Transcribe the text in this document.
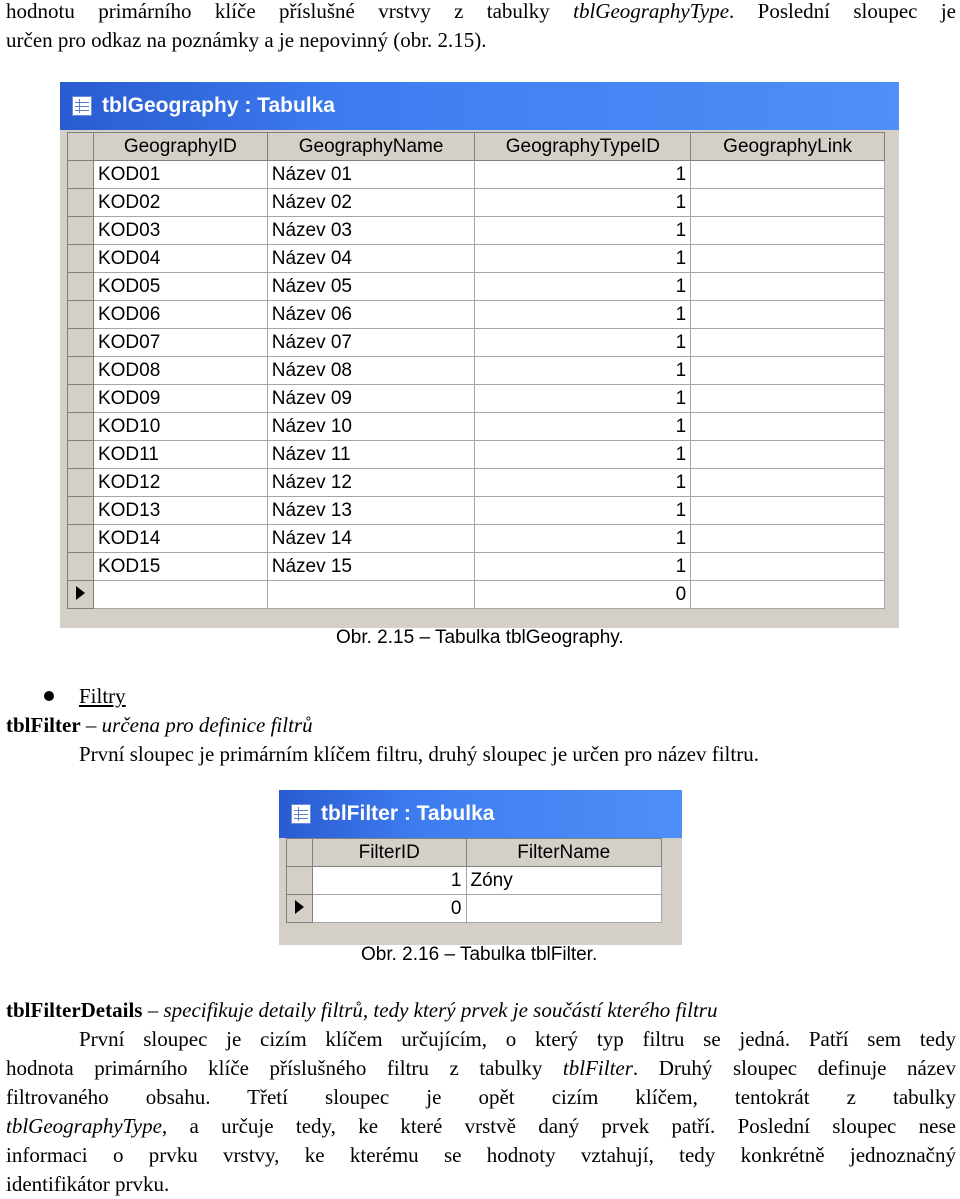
hodnotu primárního klíče příslušné vrstvy z tabulky tblGeographyType. Poslední sloupec je
určen pro odkaz na poznámky a je nepovinný (obr. 2.15).
tblGeography : Tabulka
	GeographyID	GeographyName	GeographyTypeID	GeographyLink
	KOD01	Název 01	1	
	KOD02	Název 02	1	
	KOD03	Název 03	1	
	KOD04	Název 04	1	
	KOD05	Název 05	1	
	KOD06	Název 06	1	
	KOD07	Název 07	1	
	KOD08	Název 08	1	
	KOD09	Název 09	1	
	KOD10	Název 10	1	
	KOD11	Název 11	1	
	KOD12	Název 12	1	
	KOD13	Název 13	1	
	KOD14	Název 14	1	
	KOD15	Název 15	1	
			0	
Obr. 2.15 – Tabulka tblGeography.
Filtry
tblFilter – určena pro definice filtrů
První sloupec je primárním klíčem filtru, druhý sloupec je určen pro název filtru.
tblFilter : Tabulka
	FilterID	FilterName
	1	Zóny
	0	
Obr. 2.16 – Tabulka tblFilter.
tblFilterDetails – specifikuje detaily filtrů, tedy který prvek je součástí kterého filtru
První sloupec je cizím klíčem určujícím, o který typ filtru se jedná. Patří sem tedy
hodnota primárního klíče příslušného filtru z tabulky tblFilter. Druhý sloupec definuje název
filtrovaného obsahu. Třetí sloupec je opět cizím klíčem, tentokrát z tabulky
tblGeographyType, a určuje tedy, ke které vrstvě daný prvek patří. Poslední sloupec nese
informaci o prvku vrstvy, ke kterému se hodnoty vztahují, tedy konkrétně jednoznačný
identifikátor prvku.
